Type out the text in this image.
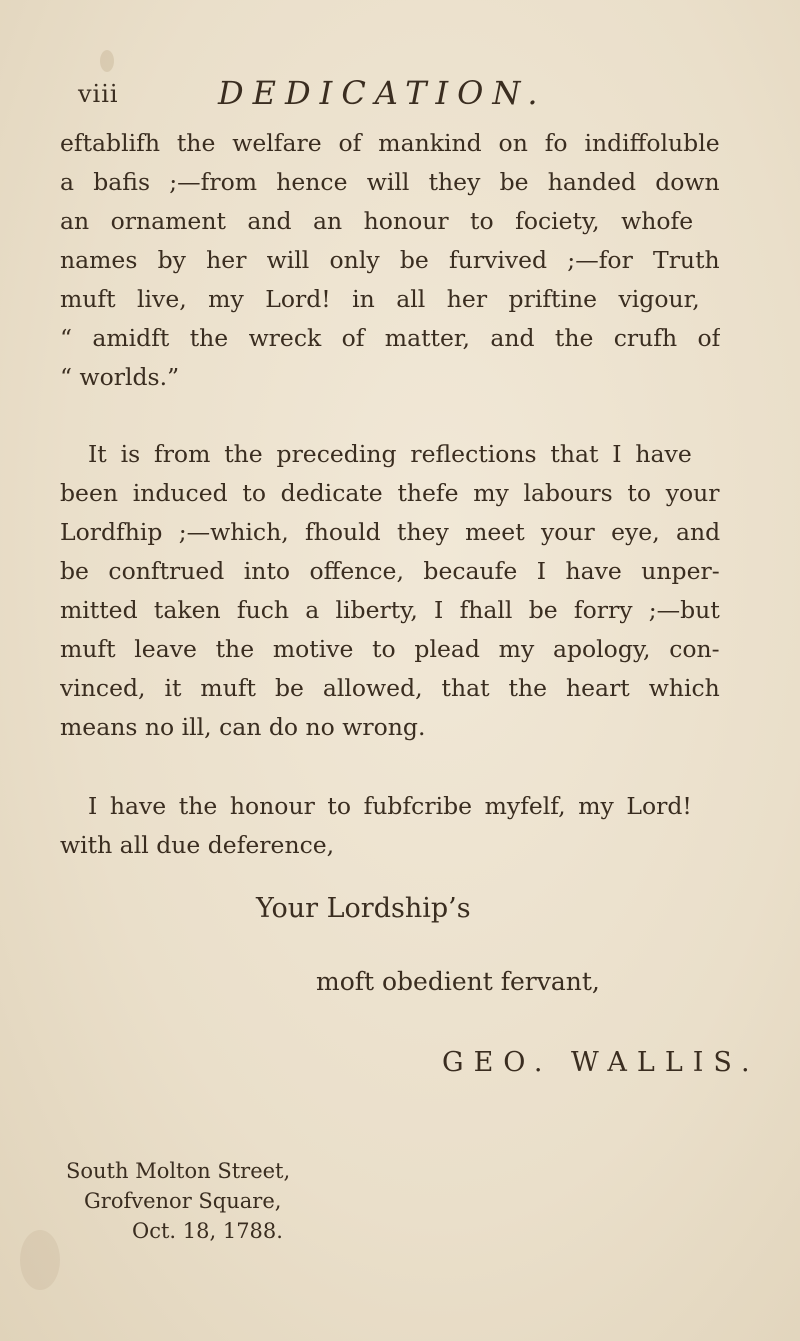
viii	DEDICATION.

eftablifh the welfare of mankind on fo indiffoluble
a bafis ;—from hence will they be handed down
an ornament and an honour to fociety, whofe
names by her will only be furvived ;—for Truth
muft live, my Lord! in all her priftine vigour,
“ amidft the wreck of matter, and the crufh of
“ worlds.”

It is from the preceding reflections that I have
been induced to dedicate thefe my labours to your
Lordfhip ;—which, fhould they meet your eye, and
be conftrued into offence, becaufe I have unper-
mitted taken fuch a liberty, I fhall be forry ;—but
muft leave the motive to plead my apology, con-
vinced, it muft be allowed, that the heart which
means no ill, can do no wrong.

I have the honour to fubfcribe myfelf, my Lord!
with all due deference,

Your Lordship’s
moft obedient fervant,
GEO. WALLIS.
South Molton Street,
Grofvenor Square,
Oct. 18, 1788.
